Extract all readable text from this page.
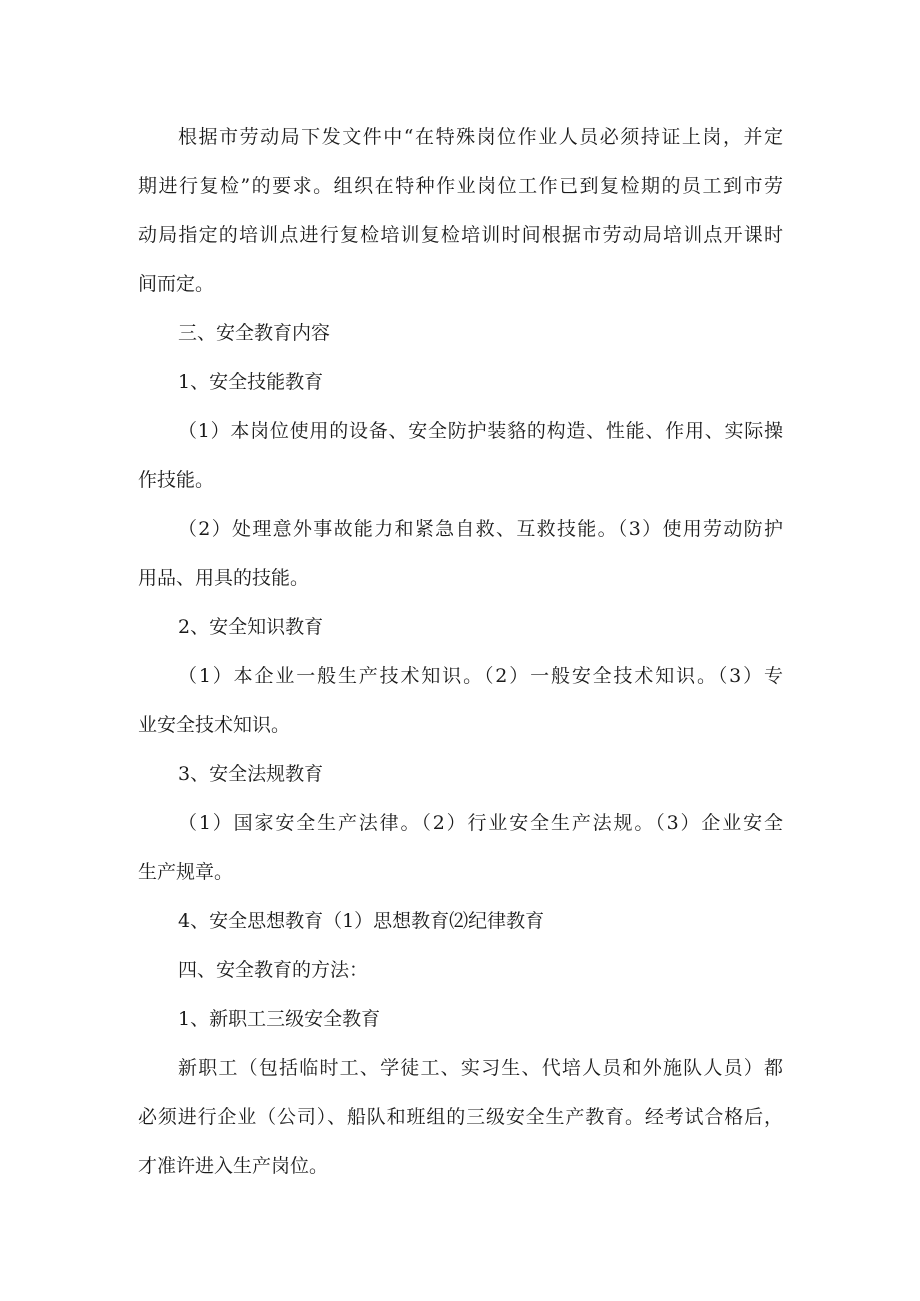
根据市劳动局下发文件中“在特殊岗位作业人员必须持证上岗，并定
期进行复检”的要求。组织在特种作业岗位工作已到复检期的员工到市劳
动局指定的培训点进行复检培训复检培训时间根据市劳动局培训点开课时
间而定。
三、安全教育内容
1、安全技能教育
（1）本岗位使用的设备、安全防护装貉的构造、性能、作用、实际操
作技能。
（2）处理意外事故能力和紧急自救、互救技能。（3）使用劳动防护
用品、用具的技能。
2、安全知识教育
（1）本企业一般生产技术知识。（2）一般安全技术知识。（3）专
业安全技术知识。
3、安全法规教育
（1）国家安全生产法律。（2）行业安全生产法规。（3）企业安全
生产规章。
4、安全思想教育（1）思想教育⑵纪律教育
四、安全教育的方法：
1、新职工三级安全教育
新职工（包括临时工、学徒工、实习生、代培人员和外施队人员）都
必须进行企业（公司）、船队和班组的三级安全生产教育。经考试合格后，
才准许进入生产岗位。
